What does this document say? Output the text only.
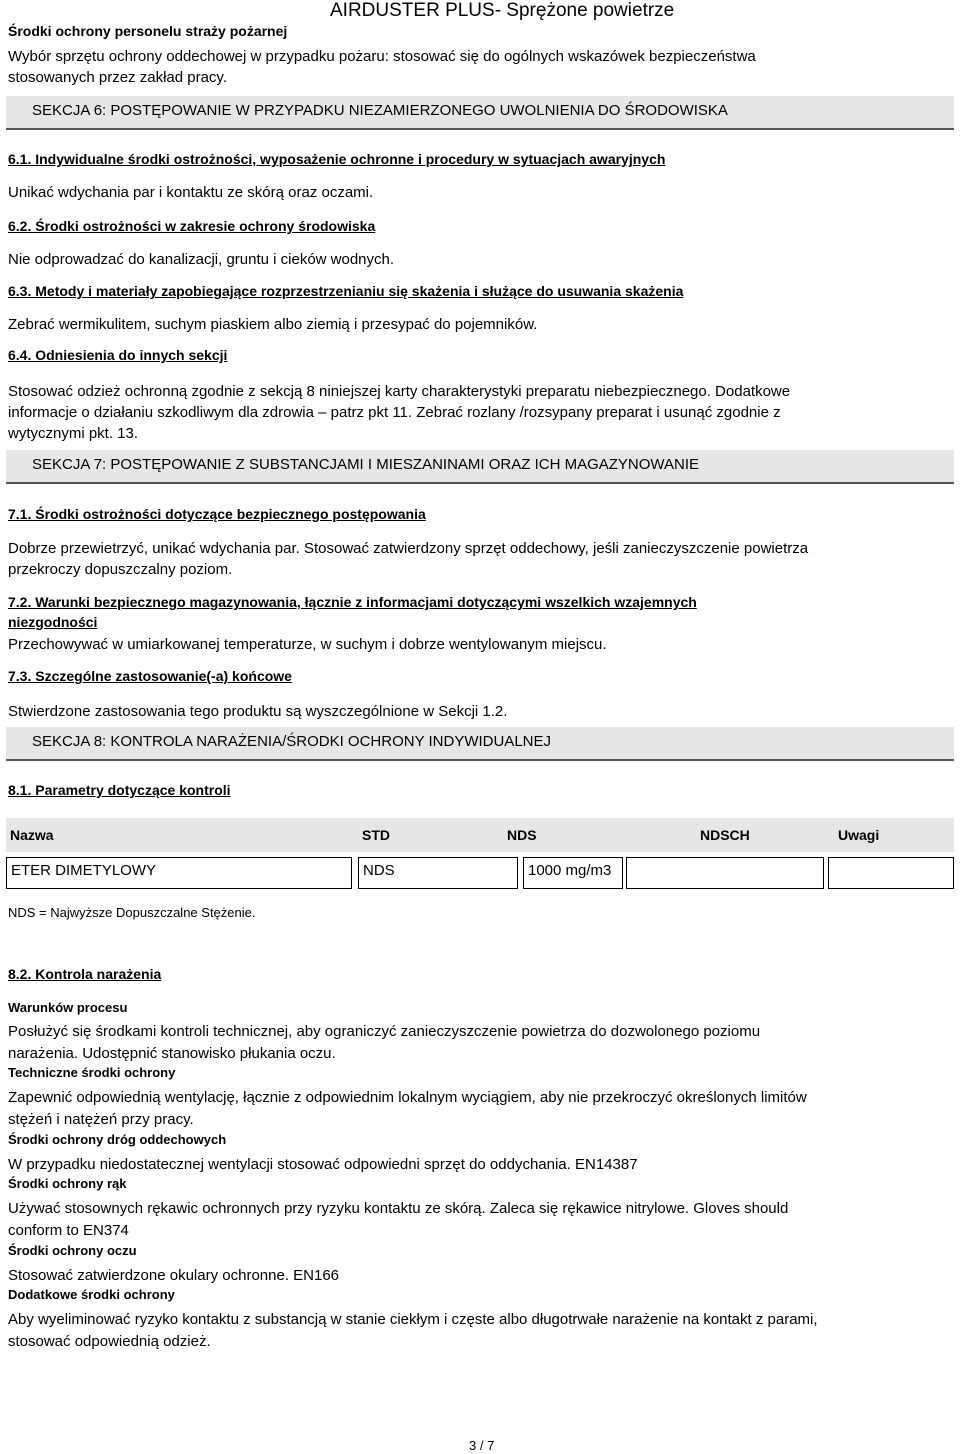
Środki ochrony personelu straży pożarnej
AIRDUSTER PLUS- Sprężone powietrze
Wybór sprzętu ochrony oddechowej w przypadku pożaru: stosować się do ogólnych wskazówek bezpieczeństwa
stosowanych przez zakład pracy.
SEKCJA 6: POSTĘPOWANIE W PRZYPADKU NIEZAMIERZONEGO UWOLNIENIA DO ŚRODOWISKA
6.1. Indywidualne środki ostrożności, wyposażenie ochronne i procedury w sytuacjach awaryjnych
Unikać wdychania par i kontaktu ze skórą oraz oczami.
6.2. Środki ostrożności w zakresie ochrony środowiska
Nie odprowadzać do kanalizacji, gruntu i cieków wodnych.
6.3. Metody i materiały zapobiegające rozprzestrzenianiu się skażenia i służące do usuwania skażenia
Zebrać wermikulitem, suchym piaskiem albo ziemią i przesypać do pojemników.
6.4. Odniesienia do innych sekcji
Stosować odzież ochronną zgodnie z sekcją 8 niniejszej karty charakterystyki preparatu niebezpiecznego. Dodatkowe
informacje o działaniu szkodliwym dla zdrowia – patrz pkt 11. Zebrać rozlany /rozsypany preparat i usunąć zgodnie z
wytycznymi pkt. 13.
SEKCJA 7: POSTĘPOWANIE Z SUBSTANCJAMI I MIESZANINAMI ORAZ ICH MAGAZYNOWANIE
7.1. Środki ostrożności dotyczące bezpiecznego postępowania
Dobrze przewietrzyć, unikać wdychania par. Stosować zatwierdzony sprzęt oddechowy, jeśli zanieczyszczenie powietrza
przekroczy dopuszczalny poziom.
7.2. Warunki bezpiecznego magazynowania, łącznie z informacjami dotyczącymi wszelkich wzajemnych
niezgodności
Przechowywać w umiarkowanej temperaturze, w suchym i dobrze wentylowanym miejscu.
7.3. Szczególne zastosowanie(-a) końcowe
Stwierdzone zastosowania tego produktu są wyszczególnione w Sekcji 1.2.
SEKCJA 8: KONTROLA NARAŻENIA/ŚRODKI OCHRONY INDYWIDUALNEJ
8.1. Parametry dotyczące kontroli
Nazwa	STD	NDS	NDSCH	Uwagi
ETER DIMETYLOWY	NDS	1000 mg/m3
NDS = Najwyższe Dopuszczalne Stężenie.
8.2. Kontrola narażenia
Warunków procesu
Posłużyć się środkami kontroli technicznej, aby ograniczyć zanieczyszczenie powietrza do dozwolonego poziomu
narażenia. Udostępnić stanowisko płukania oczu.
Techniczne środki ochrony
Zapewnić odpowiednią wentylację, łącznie z odpowiednim lokalnym wyciągiem, aby nie przekroczyć określonych limitów
stężeń i natężeń przy pracy.
Środki ochrony dróg oddechowych
W przypadku niedostatecznej wentylacji stosować odpowiedni sprzęt do oddychania. EN14387
Środki ochrony rąk
Używać stosownych rękawic ochronnych przy ryzyku kontaktu ze skórą. Zaleca się rękawice nitrylowe. Gloves should
conform to EN374
Środki ochrony oczu
Stosować zatwierdzone okulary ochronne. EN166
Dodatkowe środki ochrony
Aby wyeliminować ryzyko kontaktu z substancją w stanie ciekłym i częste albo długotrwałe narażenie na kontakt z parami,
stosować odpowiednią odzież.
3 / 7
